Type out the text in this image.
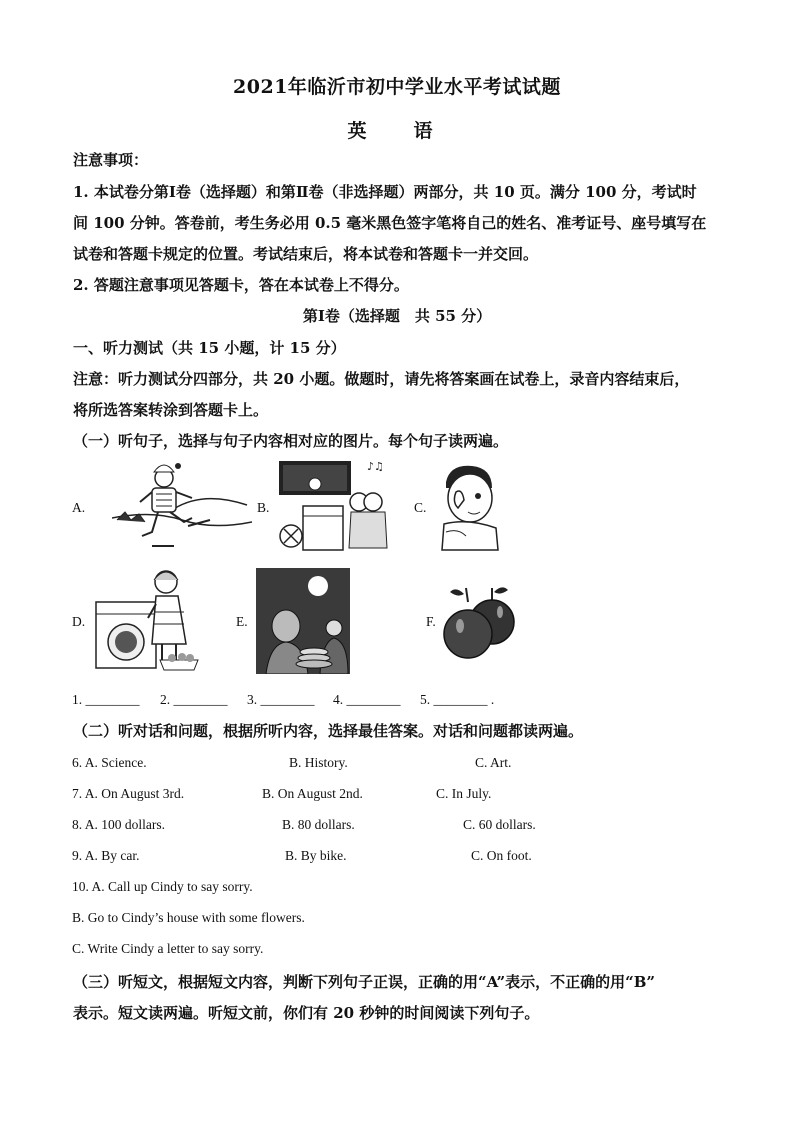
2021年临沂市初中学业水平考试试题
英　语
注意事项：
1. 本试卷分第Ⅰ卷（选择题）和第Ⅱ卷（非选择题）两部分，共 10 页。满分 100 分，考试时
间 100 分钟。答卷前，考生务必用 0.5 毫米黑色签字笔将自己的姓名、准考证号、座号填写在
试卷和答题卡规定的位置。考试结束后，将本试卷和答题卡一并交回。
2. 答题注意事项见答题卡，答在本试卷上不得分。
第Ⅰ卷（选择题　共 55 分）
一、听力测试（共 15 小题，计 15 分）
注意：听力测试分四部分，共 20 小题。做题时，请先将答案画在试卷上，录音内容结束后，
将所选答案转涂到答题卡上。
（一）听句子，选择与句子内容相对应的图片。每个句子读两遍。
A.	B.
♪♫
C.
D.	E.	F.
1. ________ 2. ________ 3. ________ 4. ________ 5. ________ .
（二）听对话和问题，根据所听内容，选择最佳答案。对话和问题都读两遍。
6. A. Science.	B. History.	C. Art.
7. A. On August 3rd.	B. On August 2nd.	C. In July.
8. A. 100 dollars.	B. 80 dollars.	C. 60 dollars.
9. A. By car.	B. By bike.	C. On foot.
10. A. Call up Cindy to say sorry.
B. Go to Cindy’s house with some flowers.
C. Write Cindy a letter to say sorry.
（三）听短文，根据短文内容，判断下列句子正误，正确的用“A”表示，不正确的用“B”
表示。短文读两遍。听短文前，你们有 20 秒钟的时间阅读下列句子。
